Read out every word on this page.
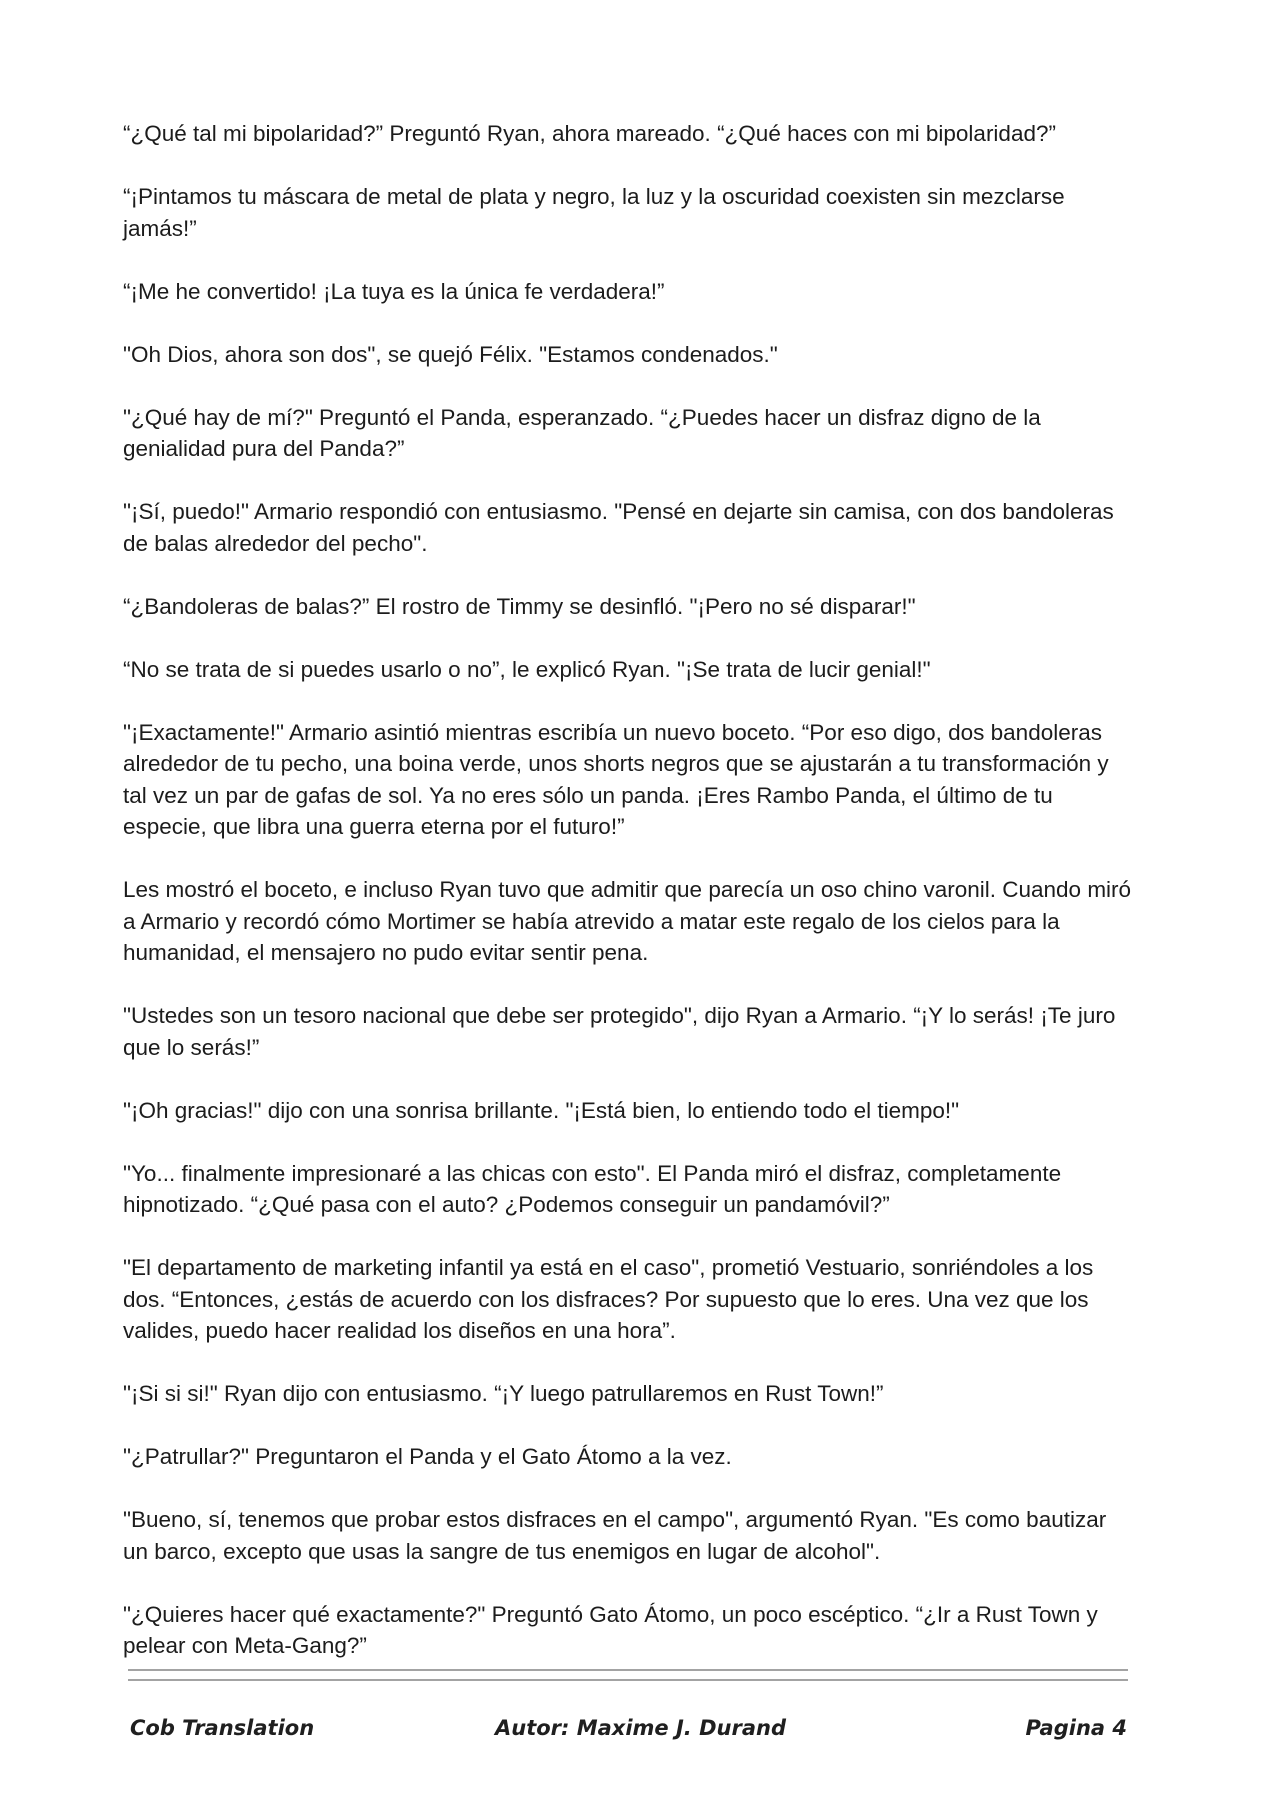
“¿Qué tal mi bipolaridad?” Preguntó Ryan, ahora mareado. “¿Qué haces con mi bipolaridad?”

“¡Pintamos tu máscara de metal de plata y negro, la luz y la oscuridad coexisten sin mezclarse jamás!”

“¡Me he convertido! ¡La tuya es la única fe verdadera!”

"Oh Dios, ahora son dos", se quejó Félix. "Estamos condenados."

"¿Qué hay de mí?" Preguntó el Panda, esperanzado. “¿Puedes hacer un disfraz digno de la genialidad pura del Panda?”

"¡Sí, puedo!" Armario respondió con entusiasmo. "Pensé en dejarte sin camisa, con dos bandoleras de balas alrededor del pecho".

“¿Bandoleras de balas?” El rostro de Timmy se desinfló. "¡Pero no sé disparar!"

“No se trata de si puedes usarlo o no”, le explicó Ryan. "¡Se trata de lucir genial!"

"¡Exactamente!" Armario asintió mientras escribía un nuevo boceto. “Por eso digo, dos bandoleras alrededor de tu pecho, una boina verde, unos shorts negros que se ajustarán a tu transformación y tal vez un par de gafas de sol. Ya no eres sólo un panda. ¡Eres Rambo Panda, el último de tu especie, que libra una guerra eterna por el futuro!”

Les mostró el boceto, e incluso Ryan tuvo que admitir que parecía un oso chino varonil. Cuando miró a Armario y recordó cómo Mortimer se había atrevido a matar este regalo de los cielos para la humanidad, el mensajero no pudo evitar sentir pena.

"Ustedes son un tesoro nacional que debe ser protegido", dijo Ryan a Armario. “¡Y lo serás! ¡Te juro que lo serás!”

"¡Oh gracias!" dijo con una sonrisa brillante. "¡Está bien, lo entiendo todo el tiempo!"

"Yo... finalmente impresionaré a las chicas con esto". El Panda miró el disfraz, completamente hipnotizado. “¿Qué pasa con el auto? ¿Podemos conseguir un pandamóvil?”

"El departamento de marketing infantil ya está en el caso", prometió Vestuario, sonriéndoles a los dos. “Entonces, ¿estás de acuerdo con los disfraces? Por supuesto que lo eres. Una vez que los valides, puedo hacer realidad los diseños en una hora”.

"¡Si si si!" Ryan dijo con entusiasmo. “¡Y luego patrullaremos en Rust Town!”

"¿Patrullar?" Preguntaron el Panda y el Gato Átomo a la vez.

"Bueno, sí, tenemos que probar estos disfraces en el campo", argumentó Ryan. "Es como bautizar un barco, excepto que usas la sangre de tus enemigos en lugar de alcohol".

"¿Quieres hacer qué exactamente?" Preguntó Gato Átomo, un poco escéptico. “¿Ir a Rust Town y pelear con Meta-Gang?”

Cob Translation	Autor: Maxime J. Durand	Pagina 4
